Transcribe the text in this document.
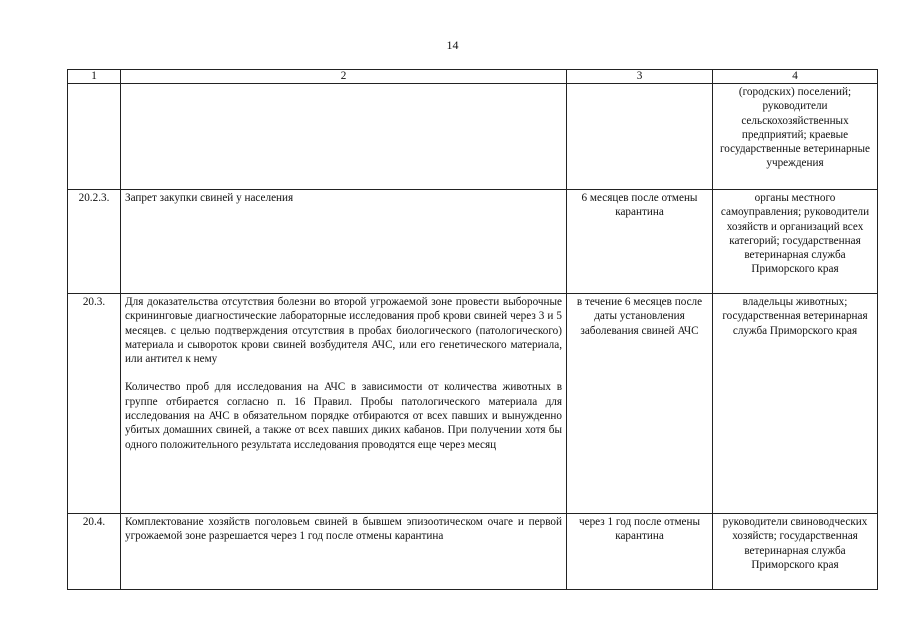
14
1	2	3	4

		(городских) поселений; руководители сельскохозяйственных предприятий; краевые государственные ветеринарные учреждения
20.2.3.	Запрет закупки свиней у населения	6 месяцев после отмены карантина	органы местного самоуправления; руководители хозяйств и организаций всех категорий; государственная ветеринарная служба Приморского края
20.3.	Для доказательства отсутствия болезни во второй угрожаемой зоне провести выборочные скрининговые диагностические лабораторные исследования проб крови свиней через 3 и 5 месяцев. с целью подтверждения отсутствия в пробах биологического (патологического) материала и сывороток крови свиней возбудителя АЧС, или его генетического материала, или антител к нему

Количество проб для исследования на АЧС в зависимости от количества животных в группе отбирается согласно п. 16 Правил. Пробы патологического материала для исследования на АЧС в обязательном порядке отбираются от всех павших и вынужденно убитых домашних свиней, а также от всех павших диких кабанов. При получении хотя бы одного положительного результата исследования проводятся еще через месяц	в течение 6 месяцев после даты установления заболевания свиней АЧС	владельцы животных; государственная ветеринарная служба Приморского края
20.4.	Комплектование хозяйств поголовьем свиней в бывшем эпизоотическом очаге и первой угрожаемой зоне разрешается через 1 год после отмены карантина	через 1 год после отмены карантина	руководители свиноводческих хозяйств; государственная ветеринарная служба Приморского края
